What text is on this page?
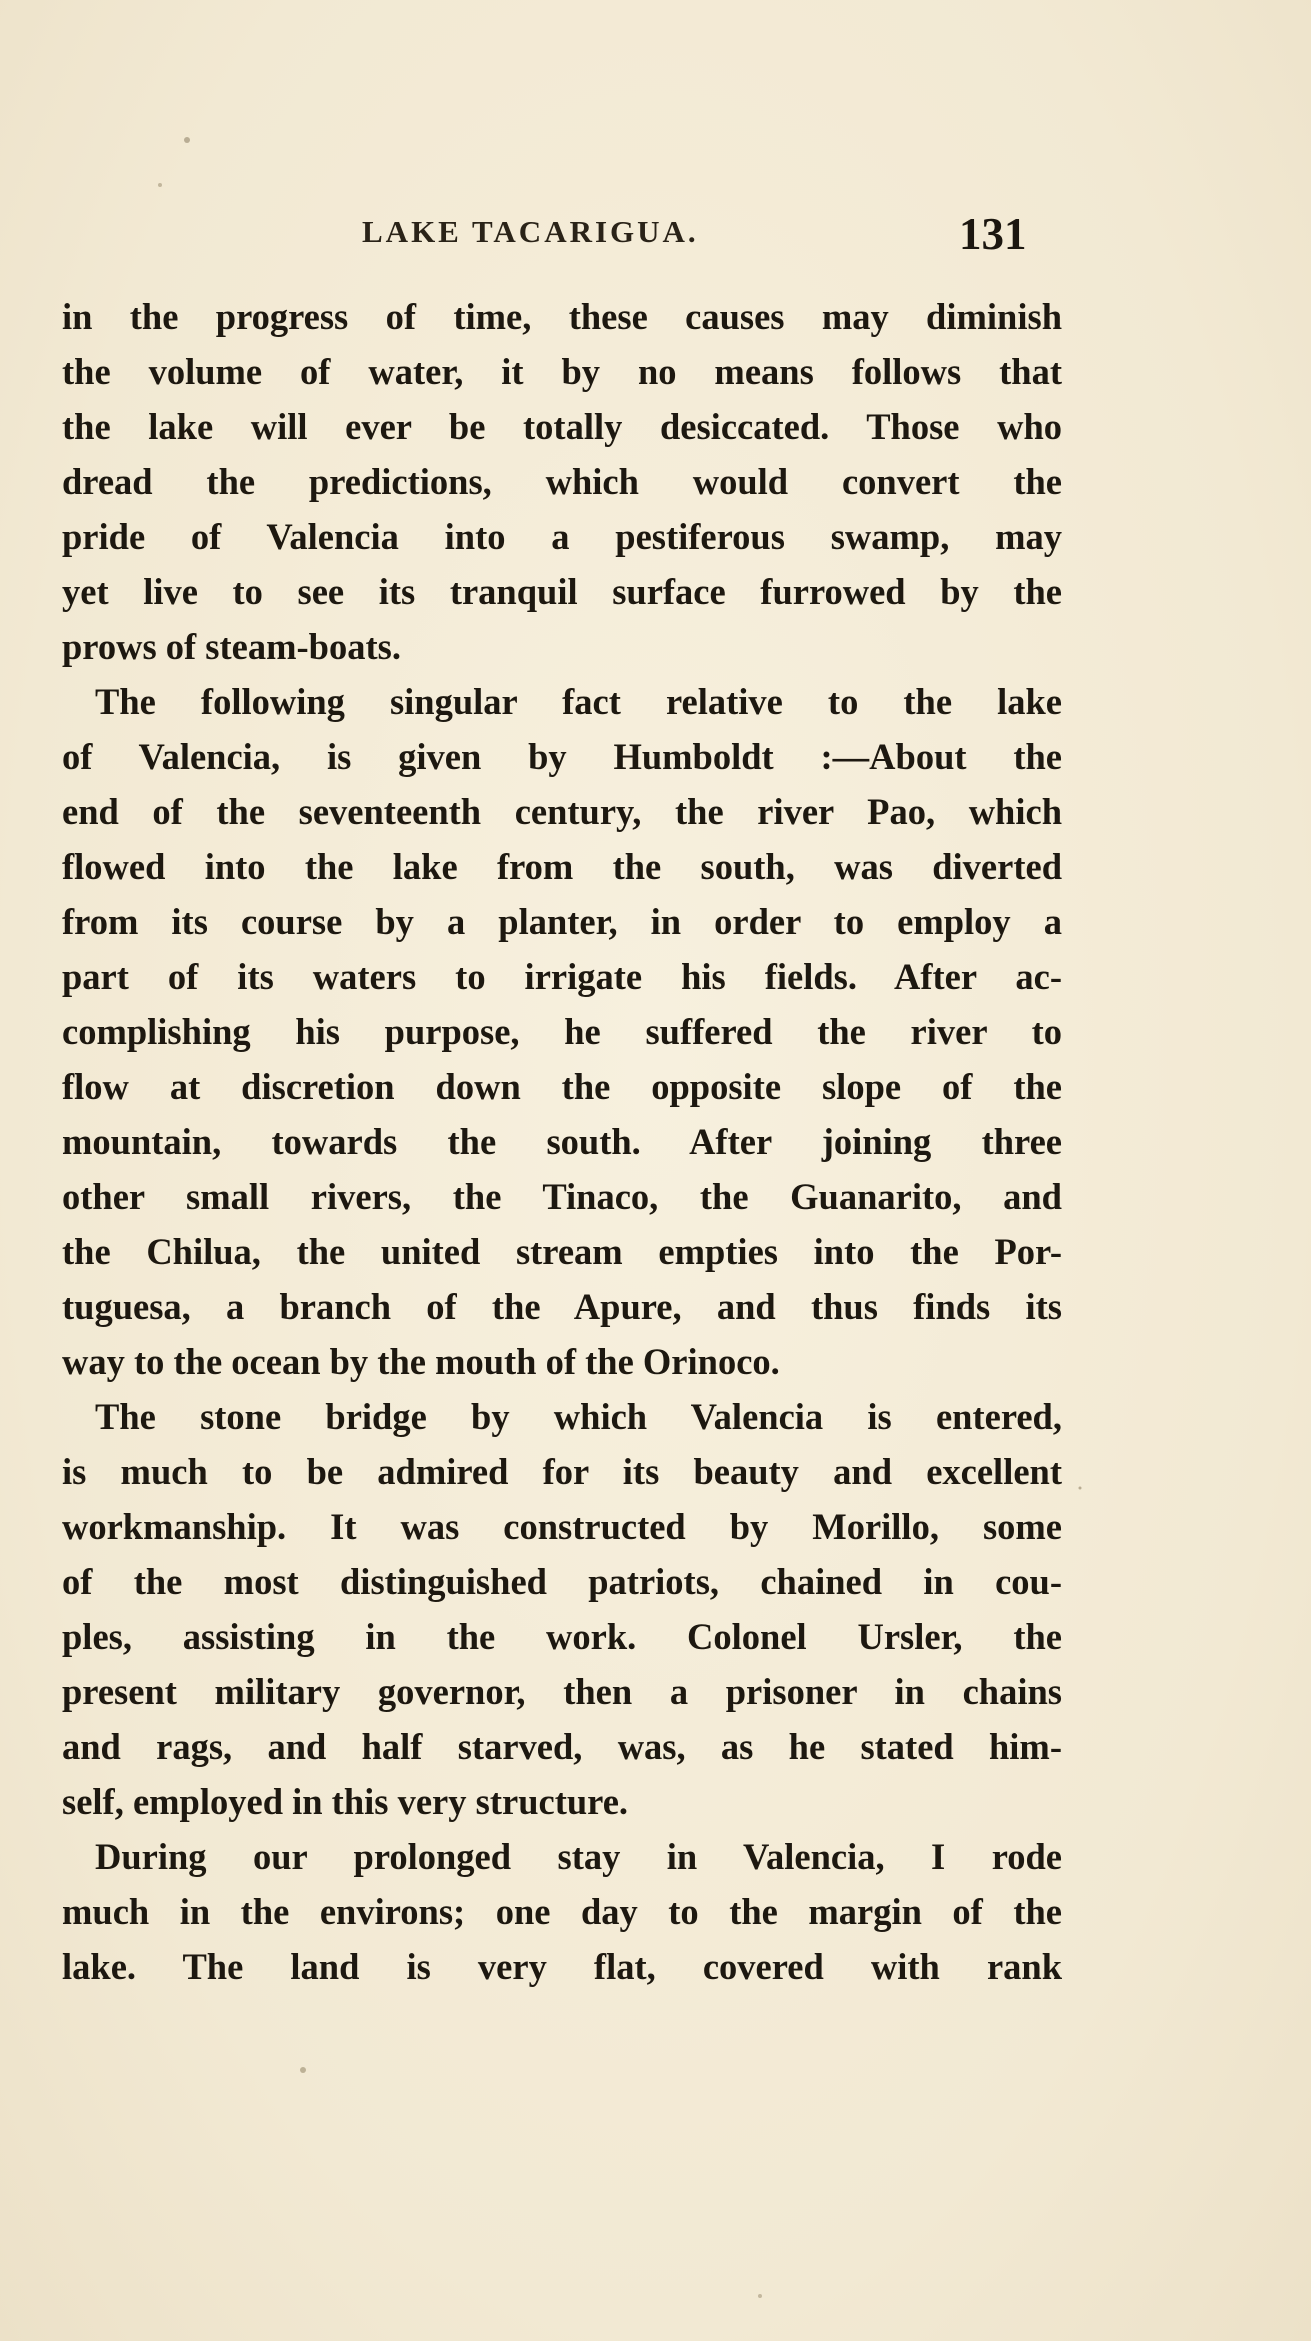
LAKE TACARIGUA.	131
in the progress of time, these causes may diminish
the volume of water, it by no means follows that
the lake will ever be totally desiccated. Those who
dread the predictions, which would convert the
pride of Valencia into a pestiferous swamp, may
yet live to see its tranquil surface furrowed by the
prows of steam-boats.
The following singular fact relative to the lake
of Valencia, is given by Humboldt :—About the
end of the seventeenth century, the river Pao, which
flowed into the lake from the south, was diverted
from its course by a planter, in order to employ a
part of its waters to irrigate his fields. After ac-
complishing his purpose, he suffered the river to
flow at discretion down the opposite slope of the
mountain, towards the south. After joining three
other small rivers, the Tinaco, the Guanarito, and
the Chilua, the united stream empties into the Por-
tuguesa, a branch of the Apure, and thus finds its
way to the ocean by the mouth of the Orinoco.
The stone bridge by which Valencia is entered,
is much to be admired for its beauty and excellent
workmanship. It was constructed by Morillo, some
of the most distinguished patriots, chained in cou-
ples, assisting in the work. Colonel Ursler, the
present military governor, then a prisoner in chains
and rags, and half starved, was, as he stated him-
self, employed in this very structure.
During our prolonged stay in Valencia, I rode
much in the environs; one day to the margin of the
lake. The land is very flat, covered with rank
